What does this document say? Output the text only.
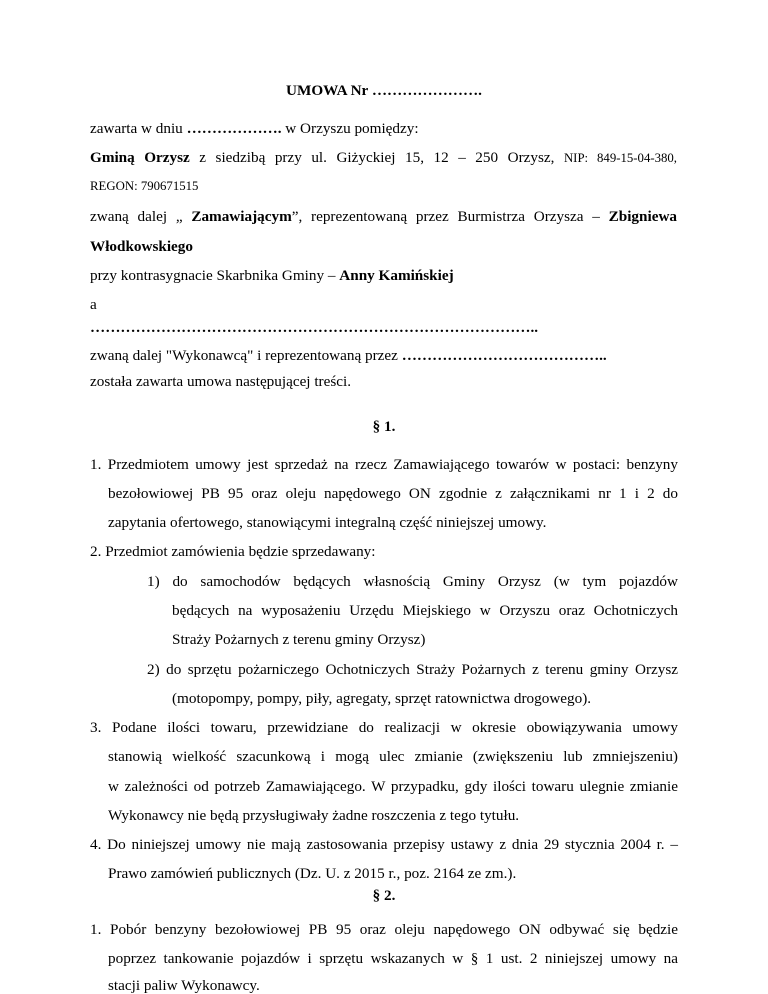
UMOWA Nr ………………….
zawarta w dniu ………………. w Orzyszu pomiędzy:
Gminą Orzysz z siedzibą przy ul. Giżyckiej 15, 12 – 250 Orzysz, NIP: 849-15-04-380,
REGON: 790671515
zwaną dalej „ Zamawiającym”, reprezentowaną przez Burmistrza Orzysza – Zbigniewa
Włodkowskiego
przy kontrasygnacie Skarbnika Gminy – Anny Kamińskiej
a
……………………………………………………………………………..
zwaną dalej "Wykonawcą" i reprezentowaną przez …………………………………..
została zawarta umowa następującej treści.
§ 1.
1. Przedmiotem umowy jest sprzedaż na rzecz Zamawiającego towarów w postaci: benzyny
bezołowiowej PB 95 oraz oleju napędowego ON zgodnie z załącznikami nr 1 i 2 do
zapytania ofertowego, stanowiącymi integralną część niniejszej umowy.
2. Przedmiot zamówienia będzie sprzedawany:
1) do samochodów będących własnością Gminy Orzysz (w tym pojazdów
będących na wyposażeniu Urzędu Miejskiego w Orzyszu oraz Ochotniczych
Straży Pożarnych z terenu gminy Orzysz)
2) do sprzętu pożarniczego Ochotniczych Straży Pożarnych z terenu gminy Orzysz
(motopompy, pompy, piły, agregaty, sprzęt ratownictwa drogowego).
3. Podane ilości towaru, przewidziane do realizacji w okresie obowiązywania umowy
stanowią wielkość szacunkową i mogą ulec zmianie (zwiększeniu lub zmniejszeniu)
w zależności od potrzeb Zamawiającego. W przypadku, gdy ilości towaru ulegnie zmianie
Wykonawcy nie będą przysługiwały żadne roszczenia z tego tytułu.
4. Do niniejszej umowy nie mają zastosowania przepisy ustawy z dnia 29 stycznia 2004 r. –
Prawo zamówień publicznych (Dz. U. z 2015 r., poz. 2164 ze zm.).
§ 2.
1. Pobór benzyny bezołowiowej PB 95 oraz oleju napędowego ON odbywać się będzie
poprzez tankowanie pojazdów i sprzętu wskazanych w § 1 ust. 2 niniejszej umowy na
stacji paliw Wykonawcy.
